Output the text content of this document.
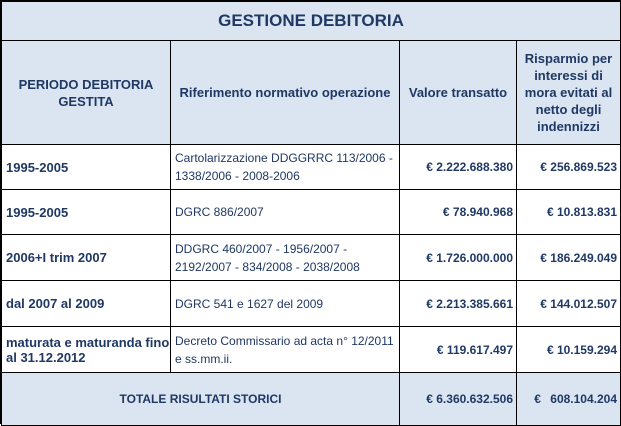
GESTIONE DEBITORIA			
PERIODO DEBITORIA GESTITA	Riferimento normativo operazione	Valore transatto	Risparmio per interessi di mora evitati al netto degli indennizzi

1995-2005	Cartolarizzazione DDGGRRC 113/2006 - 1338/2006 - 2008-2006	€ 2.222.688.380	€ 256.869.523
1995-2005	DGRC 886/2007	€ 78.940.968	€ 10.813.831
2006+I trim 2007	DDGRC 460/2007 - 1956/2007 - 2192/2007 - 834/2008 - 2038/2008	€ 1.726.000.000	€ 186.249.049
dal 2007 al 2009	DGRC 541 e 1627 del 2009	€ 2.213.385.661	€ 144.012.507
maturata e maturanda fino al 31.12.2012	Decreto Commissario ad acta n° 12/2011 e ss.mm.ii.	€ 119.617.497	€ 10.159.294
TOTALE RISULTATI STORICI		€ 6.360.632.506	€ 608.104.204
